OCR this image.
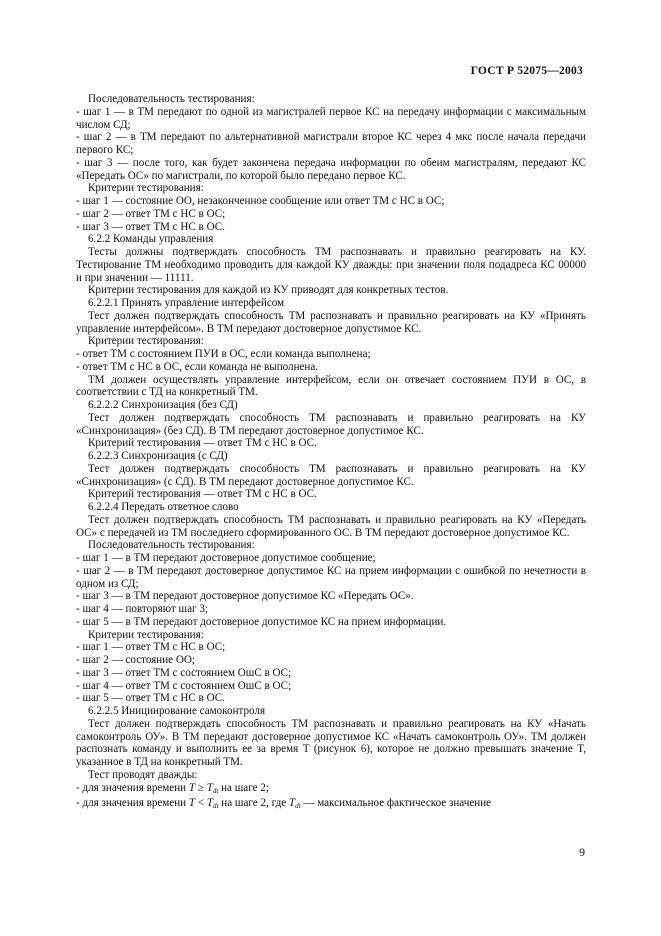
ГОСТ Р 52075—2003

Последовательность тестирования:

- шаг 1 — в ТМ передают по одной из магистралей первое КС на передачу информации с максимальным числом СД;

- шаг 2 — в ТМ передают по альтернативной магистрали второе КС через 4 мкс после начала передачи первого КС;

- шаг 3 — после того, как будет закончена передача информации по обеим магистралям, передают КС «Передать ОС» по магистрали, по которой было передано первое КС.

Критерии тестирования:

- шаг 1 — состояние ОО, незаконченное сообщение или ответ ТМ с НС в ОС;

- шаг 2 — ответ ТМ с НС в ОС;

- шаг 3 — ответ ТМ с НС в ОС.

6.2.2 Команды управления

Тесты должны подтверждать способность ТМ распознавать и правильно реагировать на КУ. Тестирование ТМ необходимо проводить для каждой КУ дважды: при значении поля подадреса КС 00000 и при значении — 11111.

Критерии тестирования для каждой из КУ приводят для конкретных тестов.

6.2.2.1 Принять управление интерфейсом

Тест должен подтверждать способность ТМ распознавать и правильно реагировать на КУ «Принять управление интерфейсом». В ТМ передают достоверное допустимое КС.

Критерии тестирования:

- ответ ТМ с состоянием ПУИ в ОС, если команда выполнена;

- ответ ТМ с НС в ОС, если команда не выполнена.

ТМ должен осуществлять управление интерфейсом, если он отвечает состоянием ПУИ в ОС, в соответствии с ТД на конкретный ТМ.

6.2.2.2 Синхронизация (без СД)

Тест должен подтверждать способность ТМ распознавать и правильно реагировать на КУ «Синхронизация» (без СД). В ТМ передают достоверное допустимое КС.

Критерий тестирования — ответ ТМ с НС в ОС.

6.2.2.3 Синхронизация (с СД)

Тест должен подтверждать способность ТМ распознавать и правильно реагировать на КУ «Синхронизация» (с СД). В ТМ передают достоверное допустимое КС.

Критерий тестирования — ответ ТМ с НС в ОС.

6.2.2.4 Передать ответное слово

Тест должен подтверждать способность ТМ распознавать и правильно реагировать на КУ «Передать ОС» с передачей из ТМ последнего сформированного ОС. В ТМ передают достоверное допустимое КС.

Последовательность тестирования:

- шаг 1 — в ТМ передают достоверное допустимое сообщение;

- шаг 2 — в ТМ передают достоверное допустимое КС на прием информации с ошибкой по нечетности в одном из СД;

- шаг 3 — в ТМ передают достоверное допустимое КС «Передать ОС».

- шаг 4 — повторяют шаг 3;

- шаг 5 — в ТМ передают достоверное допустимое КС на прием информации.

Критерии тестирования:

- шаг 1 — ответ ТМ с НС в ОС;

- шаг 2 — состояние ОО;

- шаг 3 — ответ ТМ с состоянием ОшС в ОС;

- шаг 4 — ответ ТМ с состоянием ОшС в ОС;

- шаг 5 — ответ ТМ с НС в ОС.

6.2.2.5 Инициирование самоконтроля

Тест должен подтверждать способность ТМ распознавать и правильно реагировать на КУ «Начать самоконтроль ОУ». В ТМ передают достоверное допустимое КС «Начать самоконтроль ОУ». ТМ должен распознать команду и выполнить ее за время T (рисунок 6), которое не должно превышать значение T, указанное в ТД на конкретный ТМ.

Тест проводят дважды:

- для значения времени $T \ge T_{dt}$ на шаге 2;

- для значения времени $T < T_{dt}$ на шаге 2, где $T_{dt}$ — максимальное фактическое значение

9
